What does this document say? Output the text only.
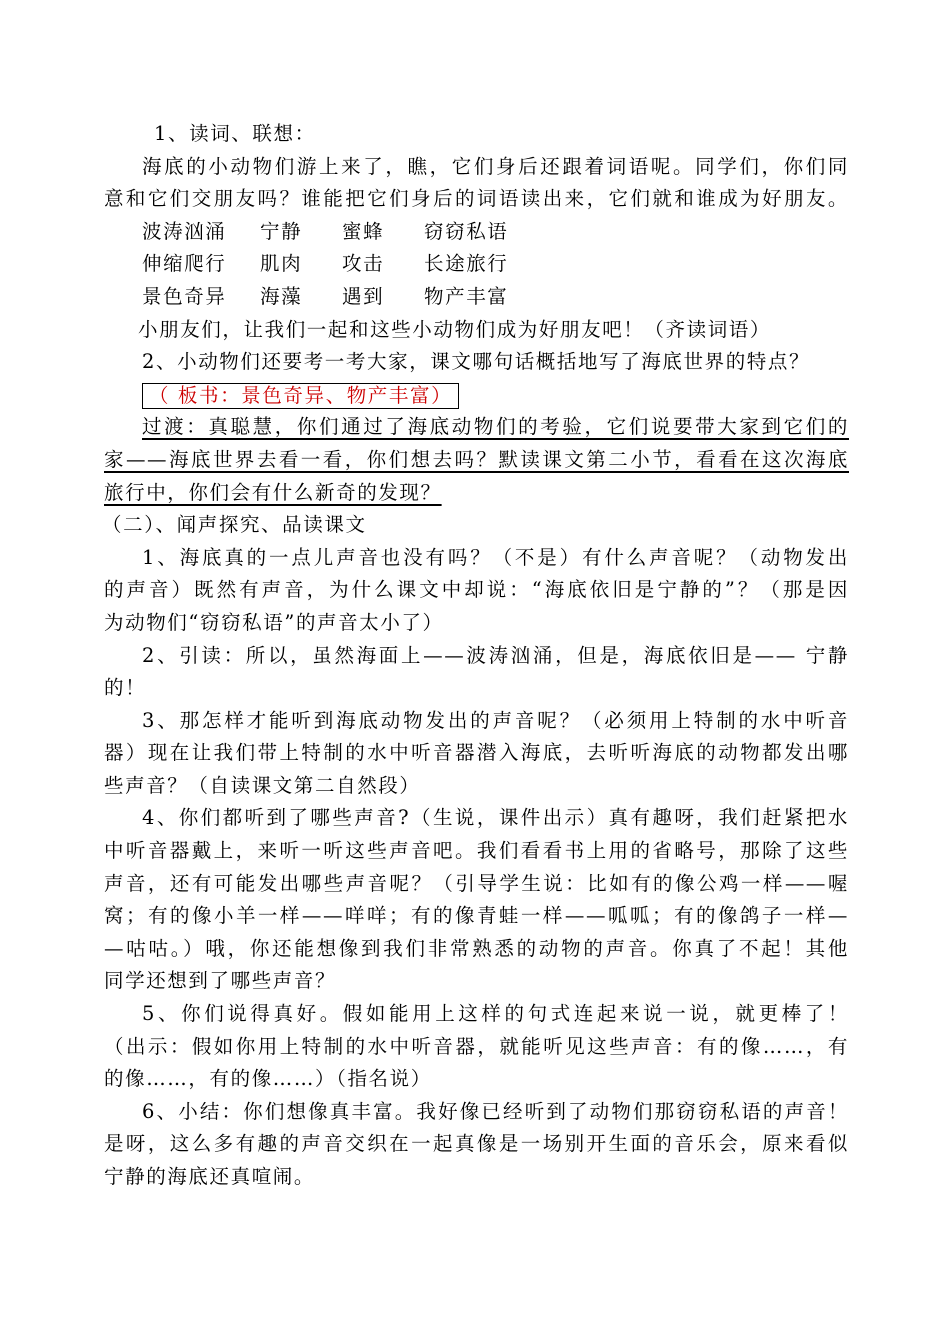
1、读词、联想：
海底的小动物们游上来了，瞧，它们身后还跟着词语呢。同学们，你们同
意和它们交朋友吗？谁能把它们身后的词语读出来，它们就和谁成为好朋友。
波涛汹涌 宁静 蜜蜂 窃窃私语
伸缩爬行 肌肉 攻击 长途旅行
景色奇异 海藻 遇到 物产丰富
小朋友们，让我们一起和这些小动物们成为好朋友吧！（齐读词语）
2、小动物们还要考一考大家，课文哪句话概括地写了海底世界的特点？
（ 板书：景色奇异、物产丰富）
过渡：真聪慧，你们通过了海底动物们的考验，它们说要带大家到它们的
家——海底世界去看一看，你们想去吗？默读课文第二小节，看看在这次海底
旅行中，你们会有什么新奇的发现？
（二）、闻声探究、品读课文
1、海底真的一点儿声音也没有吗？（不是）有什么声音呢？（动物发出
的声音）既然有声音，为什么课文中却说：“海底依旧是宁静的”？（那是因
为动物们“窃窃私语”的声音太小了）
2、引读：所以，虽然海面上——波涛汹涌，但是，海底依旧是—— 宁静
的！
3、那怎样才能听到海底动物发出的声音呢？（必须用上特制的水中听音
器）现在让我们带上特制的水中听音器潜入海底，去听听海底的动物都发出哪
些声音？（自读课文第二自然段）
4、你们都听到了哪些声音?（生说，课件出示）真有趣呀，我们赶紧把水
中听音器戴上，来听一听这些声音吧。我们看看书上用的省略号，那除了这些
声音，还有可能发出哪些声音呢？（引导学生说：比如有的像公鸡一样——喔
窝；有的像小羊一样——咩咩；有的像青蛙一样——呱呱；有的像鸽子一样—
—咕咕。）哦，你还能想像到我们非常熟悉的动物的声音。你真了不起！其他
同学还想到了哪些声音？
5、你们说得真好。假如能用上这样的句式连起来说一说，就更棒了！
（出示：假如你用上特制的水中听音器，就能听见这些声音：有的像……，有
的像……，有的像……）（指名说）
6、小结：你们想像真丰富。我好像已经听到了动物们那窃窃私语的声音！
是呀，这么多有趣的声音交织在一起真像是一场别开生面的音乐会，原来看似
宁静的海底还真喧闹。
